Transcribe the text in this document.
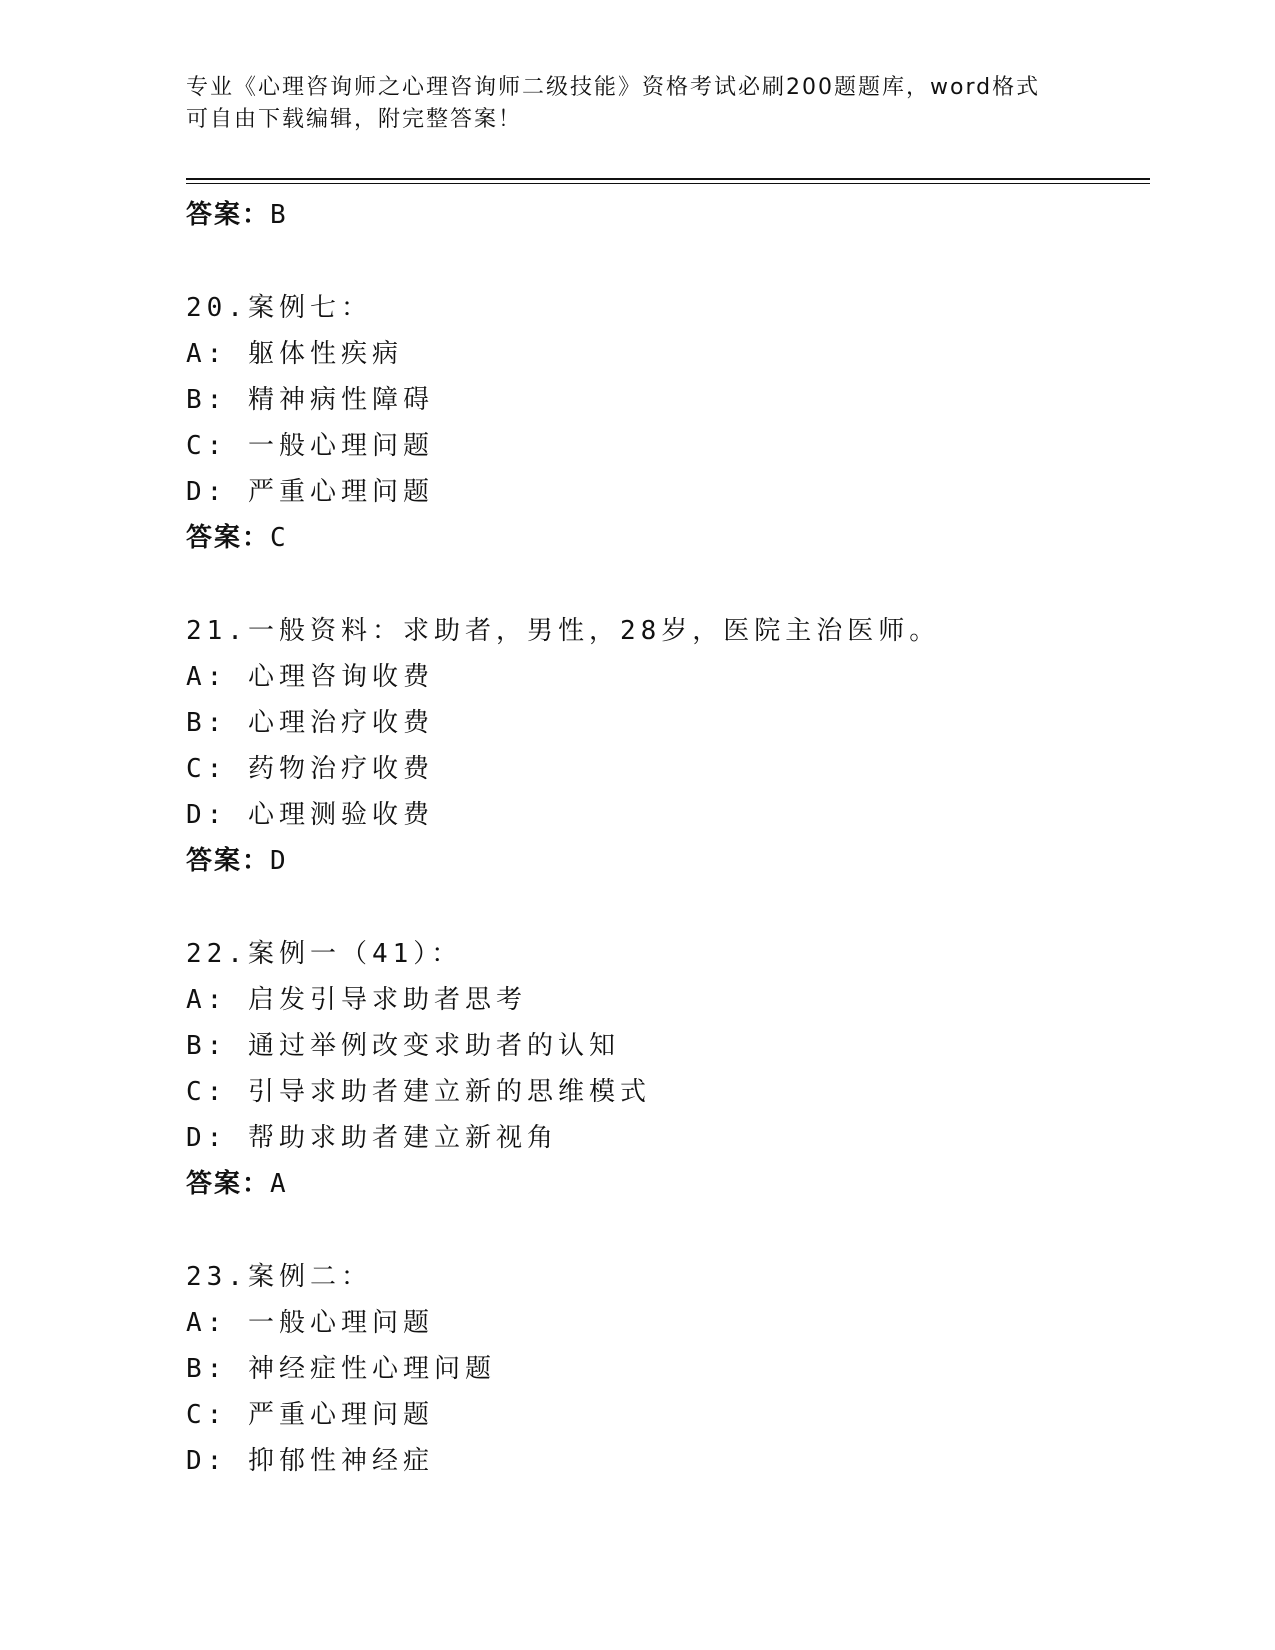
专业《心理咨询师之心理咨询师二级技能》资格考试必刷200题题库，word格式
可自由下载编辑，附完整答案！
答案：B
20.案例七：
A: 躯体性疾病
B: 精神病性障碍
C: 一般心理问题
D: 严重心理问题
答案：C
21.一般资料：求助者，男性，28岁，医院主治医师。
A: 心理咨询收费
B: 心理治疗收费
C: 药物治疗收费
D: 心理测验收费
答案：D
22.案例一（41）：
A: 启发引导求助者思考
B: 通过举例改变求助者的认知
C: 引导求助者建立新的思维模式
D: 帮助求助者建立新视角
答案：A
23.案例二：
A: 一般心理问题
B: 神经症性心理问题
C: 严重心理问题
D: 抑郁性神经症
